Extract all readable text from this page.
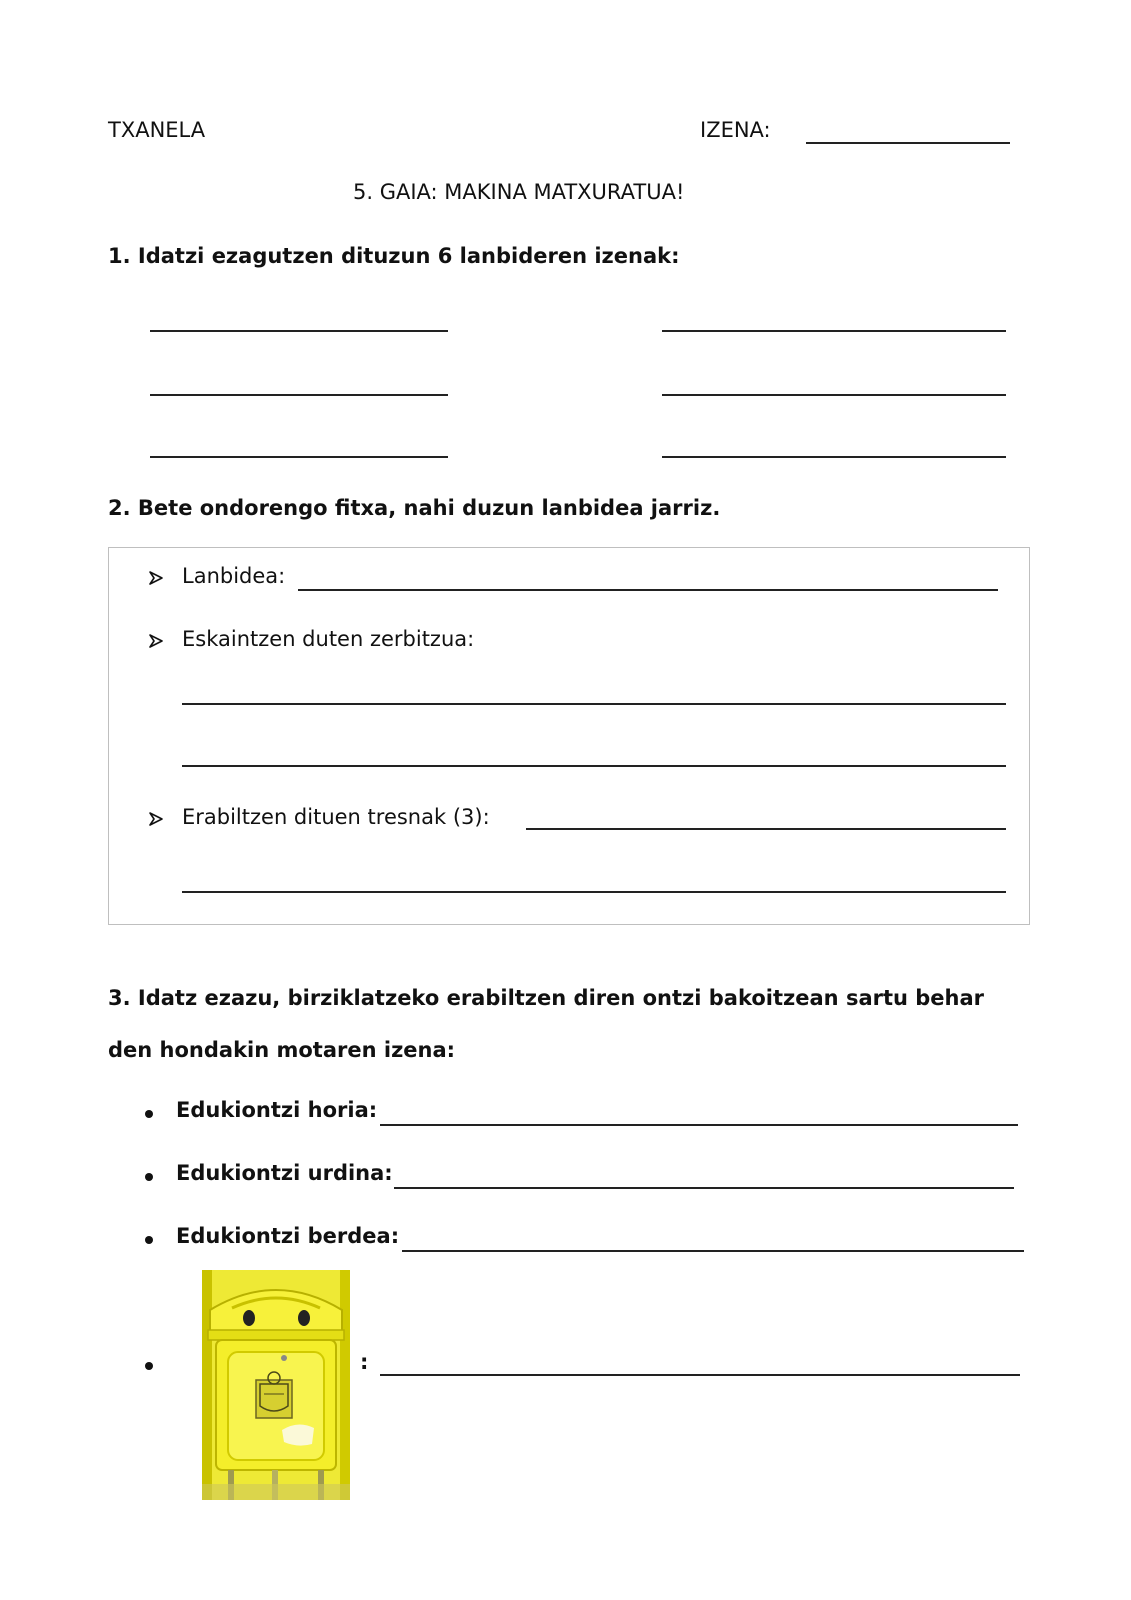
TXANELA	IZENA:
5. GAIA: MAKINA MATXURATUA!
1. Idatzi ezagutzen dituzun 6 lanbideren izenak:
2. Bete ondorengo fitxa, nahi duzun lanbidea jarriz.
Lanbidea:
Eskaintzen duten zerbitzua:
Erabiltzen dituen tresnak (3):
3. Idatz ezazu, birziklatzeko erabiltzen diren ontzi bakoitzean sartu behar
den hondakin motaren izena:
Edukiontzi horia:
Edukiontzi urdina:
Edukiontzi berdea:
:
